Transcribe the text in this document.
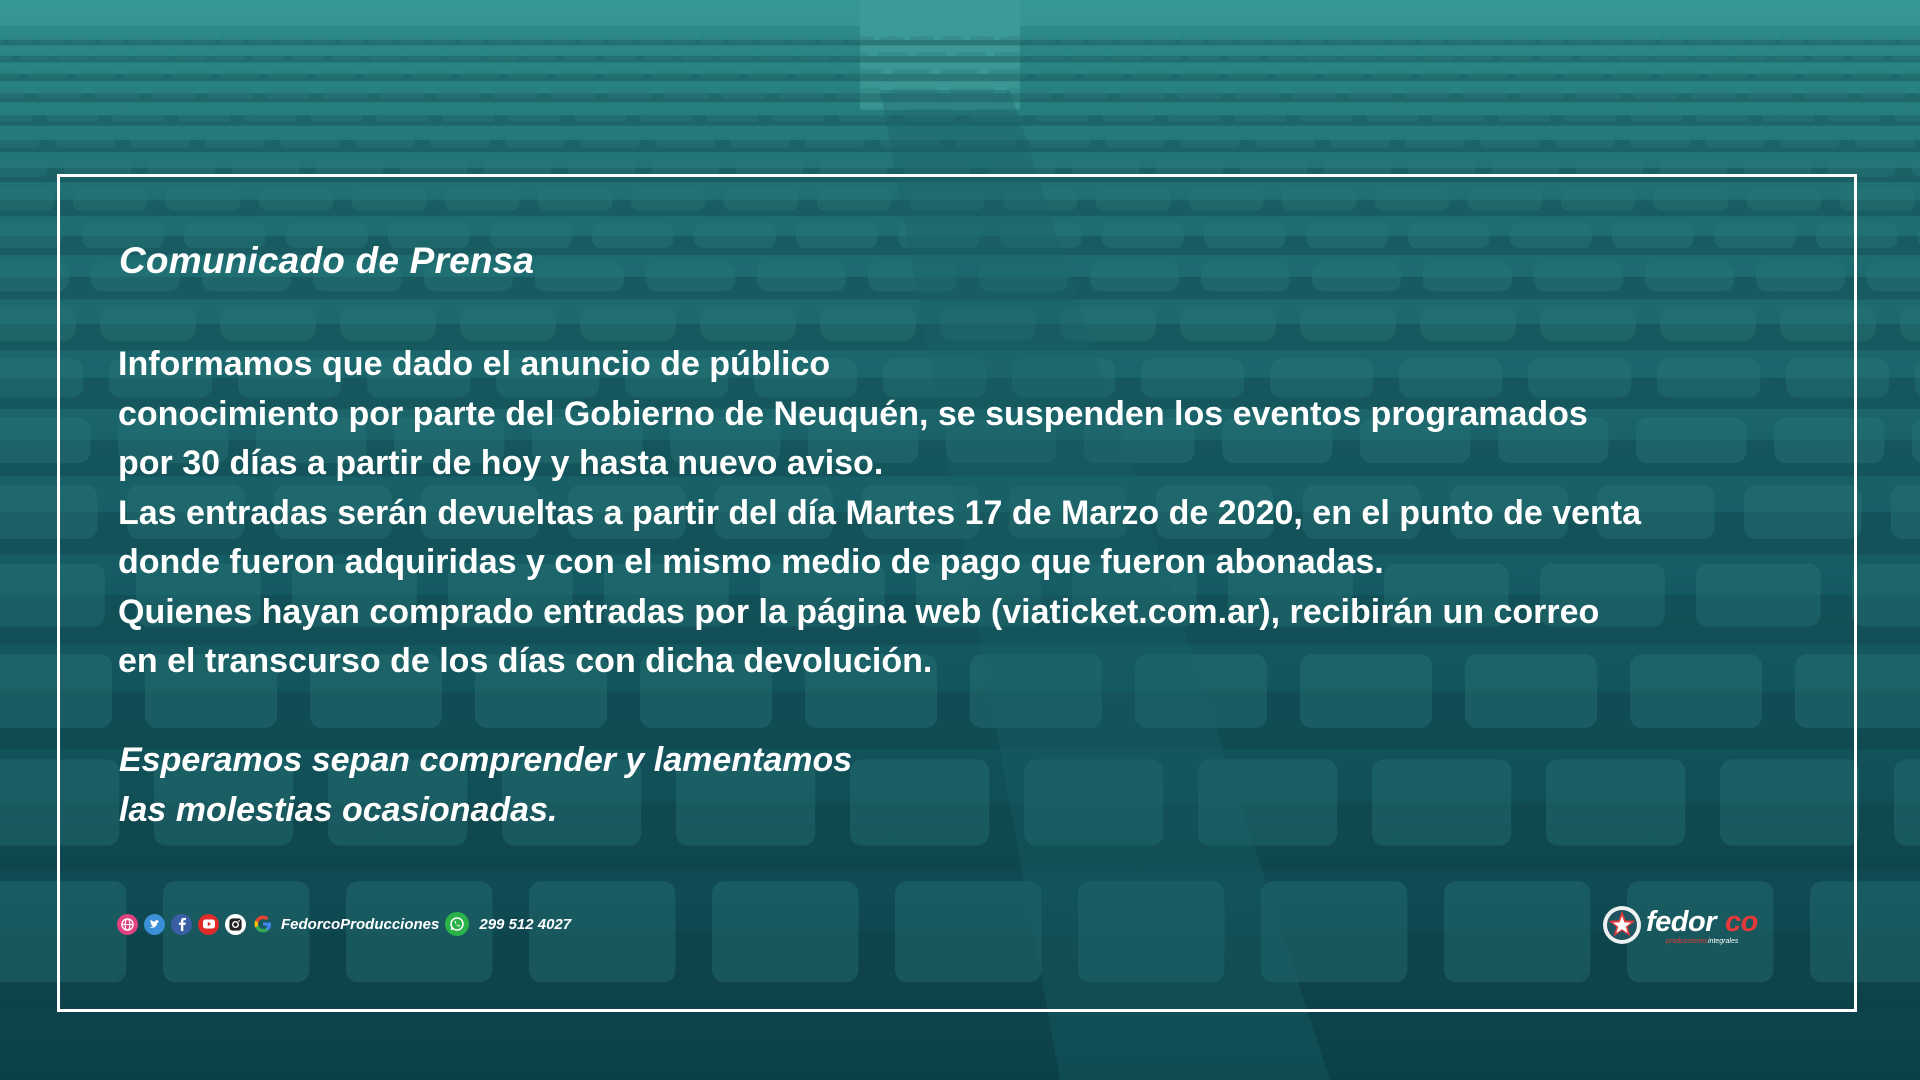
Comunicado de Prensa
Informamos que dado el anuncio de público
conocimiento por parte del Gobierno de Neuquén, se suspenden los eventos programados
por 30 días a partir de hoy y hasta nuevo aviso.
Las entradas serán devueltas a partir del día Martes 17 de Marzo de 2020, en el punto de venta
donde fueron adquiridas y con el mismo medio de pago que fueron abonadas.
Quienes hayan comprado entradas por la página web (viaticket.com.ar), recibirán un correo
en el transcurso de los días con dicha devolución.
Esperamos sepan comprender y lamentamos
las molestias ocasionadas.
FedorcoProducciones	299 512 4027	fedor co
producciones integrales
